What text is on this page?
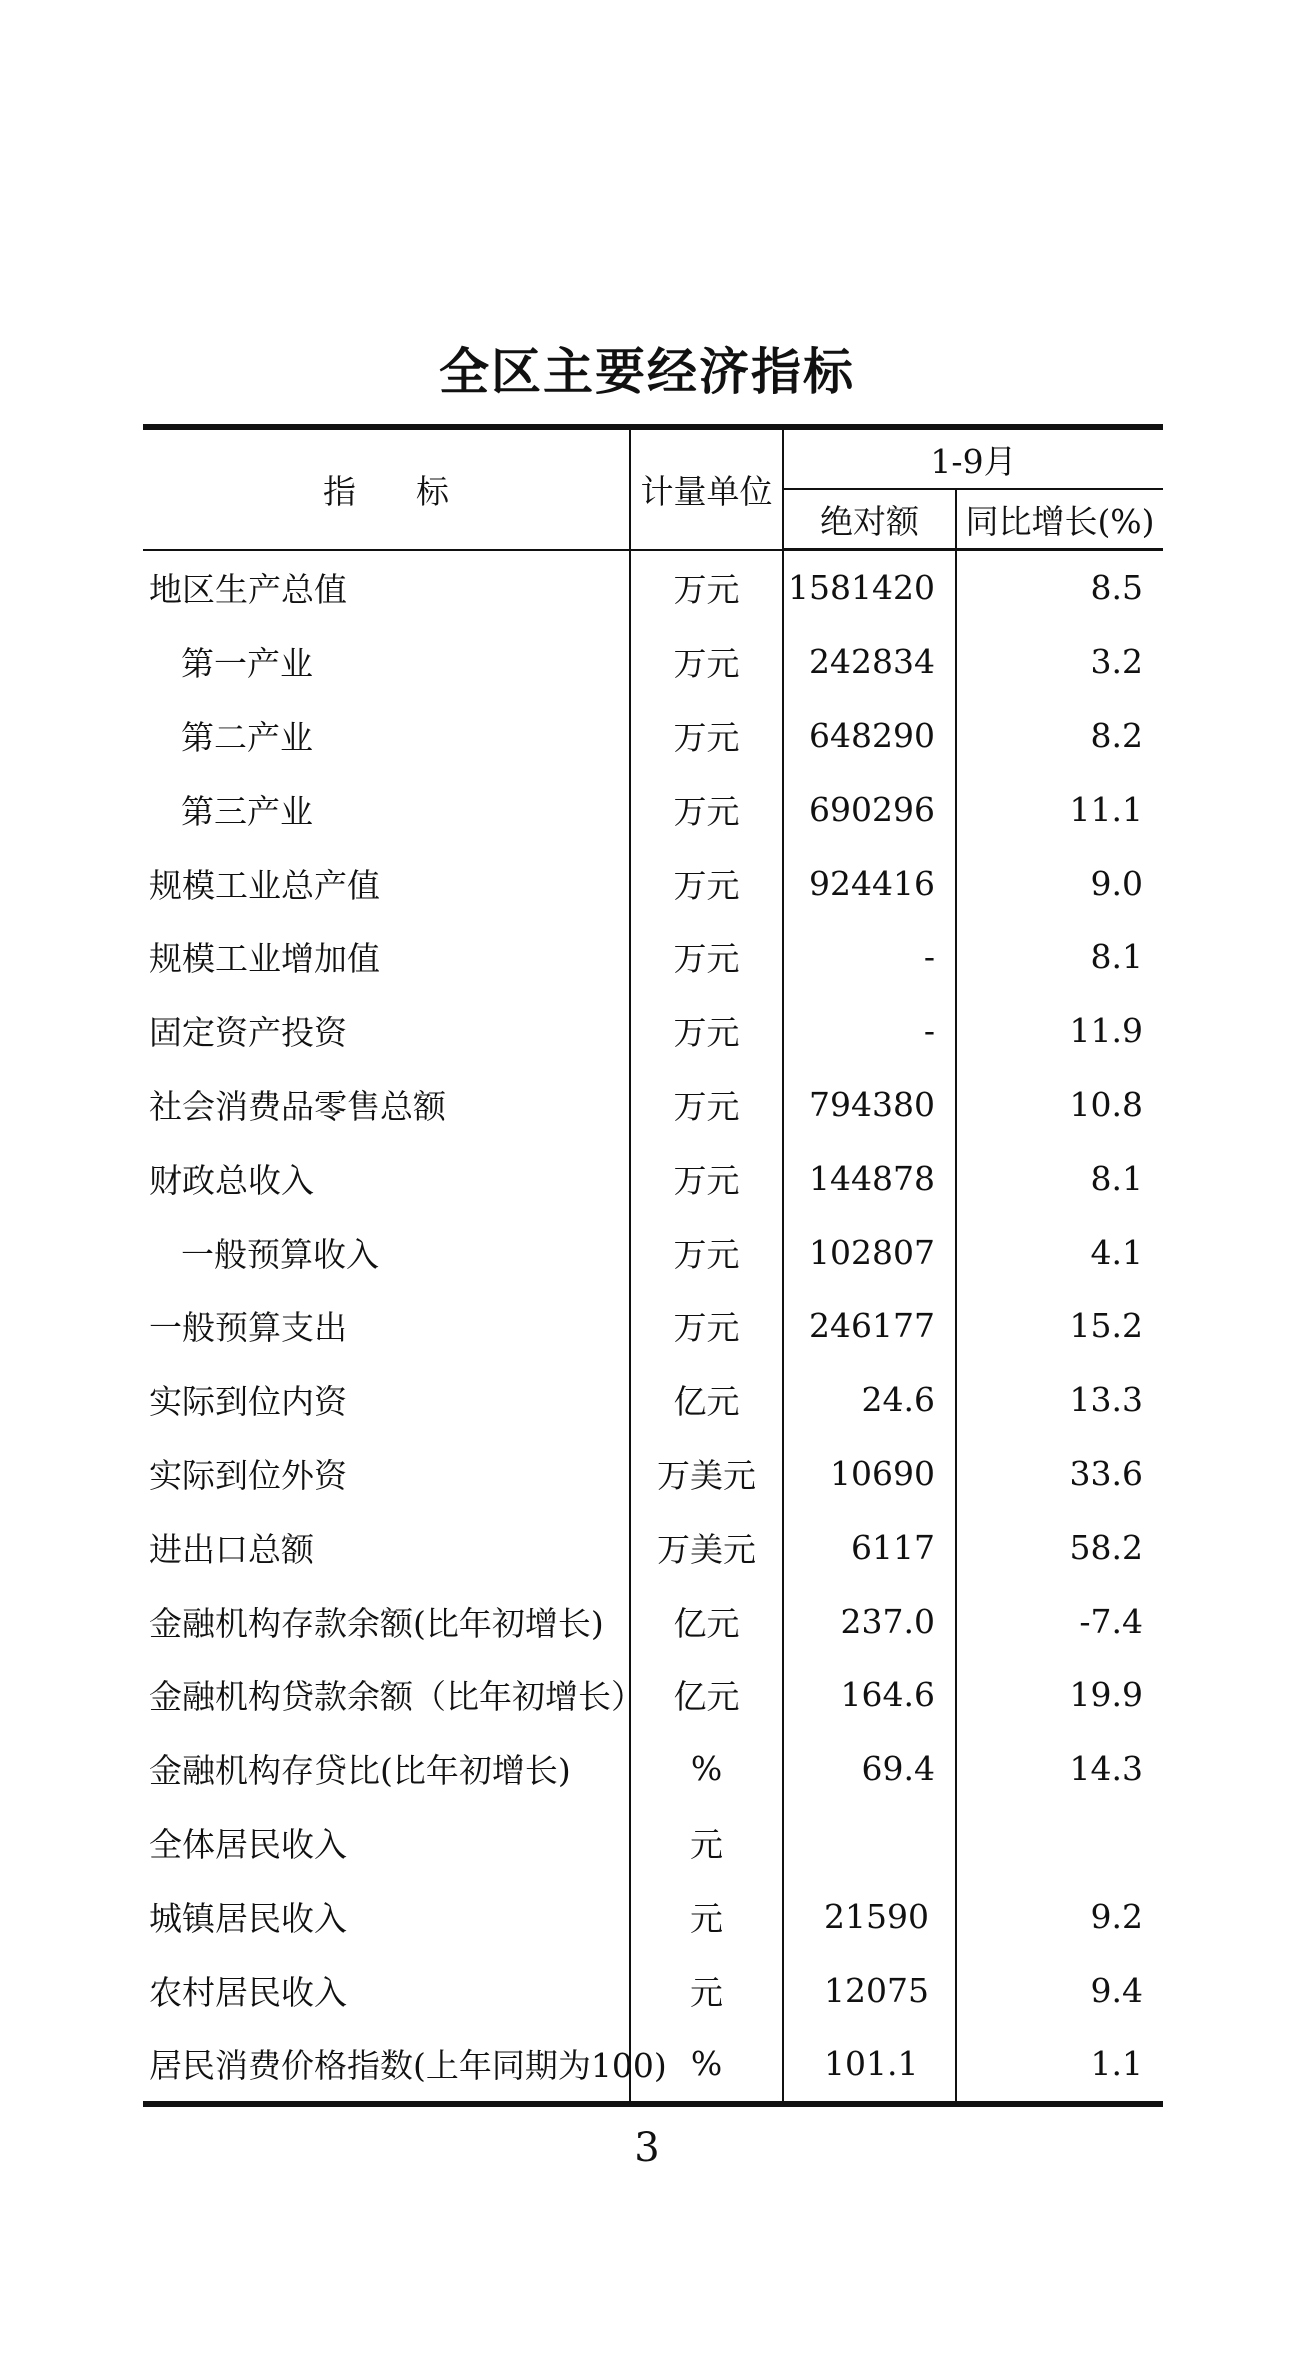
全区主要经济指标
指标	计量单位	1-9月	
		绝对额	同比增长(%)
地区生产总值	万元	1581420	8.5
第一产业	万元	242834	3.2
第二产业	万元	648290	8.2
第三产业	万元	690296	11.1
规模工业总产值	万元	924416	9.0
规模工业增加值	万元	-	8.1
固定资产投资	万元	-	11.9
社会消费品零售总额	万元	794380	10.8
财政总收入	万元	144878	8.1
一般预算收入	万元	102807	4.1
一般预算支出	万元	246177	15.2
实际到位内资	亿元	24.6	13.3
实际到位外资	万美元	10690	33.6
进出口总额	万美元	6117	58.2
金融机构存款余额(比年初增长)	亿元	237.0	-7.4
金融机构贷款余额（比年初增长）	亿元	164.6	19.9
金融机构存贷比(比年初增长)	%	69.4	14.3
全体居民收入	元		
城镇居民收入	元	21590	9.2
农村居民收入	元	12075	9.4
居民消费价格指数(上年同期为100)	%	101.1	1.1
3
